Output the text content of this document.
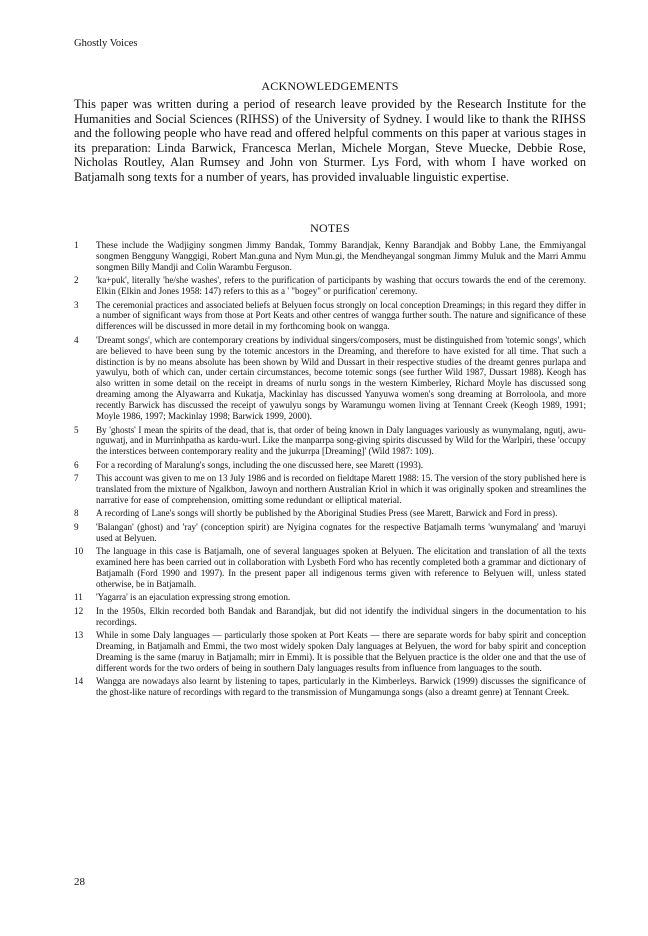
Ghostly Voices
ACKNOWLEDGEMENTS
This paper was written during a period of research leave provided by the Research Institute for the Humanities and Social Sciences (RIHSS) of the University of Sydney. I would like to thank the RIHSS and the following people who have read and offered helpful comments on this paper at various stages in its preparation: Linda Barwick, Francesca Merlan, Michele Morgan, Steve Muecke, Debbie Rose, Nicholas Routley, Alan Rumsey and John von Sturmer. Lys Ford, with whom I have worked on Batjamalh song texts for a number of years, has provided invaluable linguistic expertise.
NOTES
1	These include the Wadjiginy songmen Jimmy Bandak, Tommy Barandjak, Kenny Barandjak and Bobby Lane, the Emmiyangal songmen Bengguny Wanggigi, Robert Man.guna and Nym Mun.gi, the Mendheyangal songman Jimmy Muluk and the Marri Ammu songmen Billy Mandji and Colin Warambu Ferguson.
2	'ka+puk', literally 'he/she washes', refers to the purification of participants by washing that occurs towards the end of the ceremony. Elkin (Elkin and Jones 1958: 147) refers to this as a ' "bogey" or purification' ceremony.
3	The ceremonial practices and associated beliefs at Belyuen focus strongly on local conception Dreamings; in this regard they differ in a number of significant ways from those at Port Keats and other centres of wangga further south. The nature and significance of these differences will be discussed in more detail in my forthcoming book on wangga.
4	'Dreamt songs', which are contemporary creations by individual singers/composers, must be distinguished from 'totemic songs', which are believed to have been sung by the totemic ancestors in the Dreaming, and therefore to have existed for all time. That such a distinction is by no means absolute has been shown by Wild and Dussart in their respective studies of the dreamt genres purlapa and yawulyu, both of which can, under certain circumstances, become totemic songs (see further Wild 1987, Dussart 1988). Keogh has also written in some detail on the receipt in dreams of nurlu songs in the western Kimberley, Richard Moyle has discussed song dreaming among the Alyawarra and Kukatja, Mackinlay has discussed Yanyuwa women's song dreaming at Borroloola, and more recently Barwick has discussed the receipt of yawulyu songs by Waramungu women living at Tennant Creek (Keogh 1989, 1991; Moyle 1986, 1997; Mackinlay 1998; Barwick 1999, 2000).
5	By 'ghosts' I mean the spirits of the dead, that is, that order of being known in Daly languages variously as wunymalang, ngutj, awu-nguwatj, and in Murrinhpatha as kardu-wurl. Like the manparrpa song-giving spirits discussed by Wild for the Warlpiri, these 'occupy the interstices between contemporary reality and the jukurrpa [Dreaming]' (Wild 1987: 109).
6	For a recording of Maralung's songs, including the one discussed here, see Marett (1993).
7	This account was given to me on 13 July 1986 and is recorded on fieldtape Marett 1988: 15. The version of the story published here is translated from the mixture of Ngalkbon, Jawoyn and northern Australian Kriol in which it was originally spoken and streamlines the narrative for ease of comprehension, omitting some redundant or elliptical material.
8	A recording of Lane's songs will shortly be published by the Aboriginal Studies Press (see Marett, Barwick and Ford in press).
9	'Balangan' (ghost) and 'ray' (conception spirit) are Nyigina cognates for the respective Batjamalh terms 'wunymalang' and 'maruyi used at Belyuen.
10	The language in this case is Batjamalh, one of several languages spoken at Belyuen. The elicitation and translation of all the texts examined here has been carried out in collaboration with Lysbeth Ford who has recently completed both a grammar and dictionary of Batjamalh (Ford 1990 and 1997). In the present paper all indigenous terms given with reference to Belyuen will, unless stated otherwise, be in Batjamalh.
11	'Yagarra' is an ejaculation expressing strong emotion.
12	In the 1950s, Elkin recorded both Bandak and Barandjak, but did not identify the individual singers in the documentation to his recordings.
13	While in some Daly languages — particularly those spoken at Port Keats — there are separate words for baby spirit and conception Dreaming, in Batjamalh and Emmi, the two most widely spoken Daly languages at Belyuen, the word for baby spirit and conception Dreaming is the same (maruy in Batjamalh; mirr in Emmi). It is possible that the Belyuen practice is the older one and that the use of different words for the two orders of being in southern Daly languages results from influence from languages to the south.
14	Wangga are nowadays also learnt by listening to tapes, particularly in the Kimberleys. Barwick (1999) discusses the significance of the ghost-like nature of recordings with regard to the transmission of Mungamunga songs (also a dreamt genre) at Tennant Creek.
28
